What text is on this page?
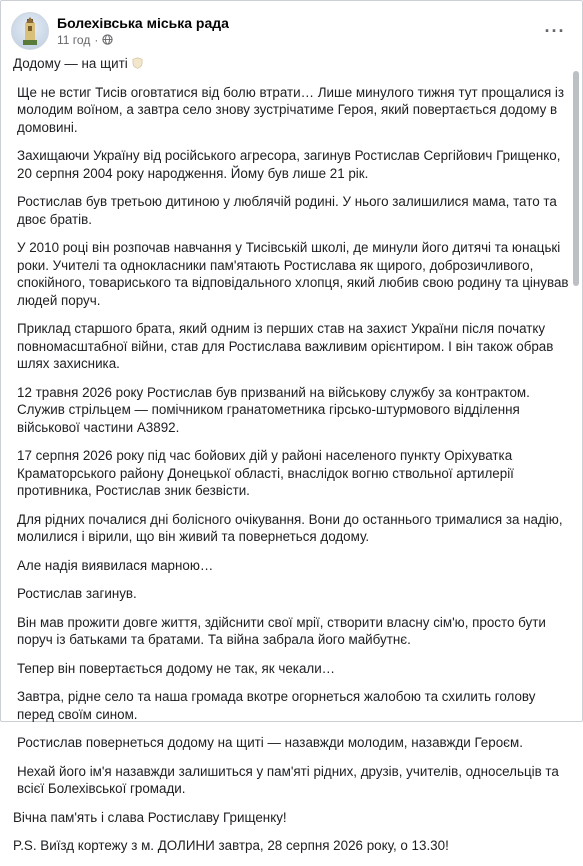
Болехівська міська рада
11 год ·	···

Додому — на щиті

Ще не встиг Тисів оговтатися від болю втрати… Лише минулого тижня тут прощалися із молодим воїном, а завтра село знову зустрічатиме Героя, який повертається додому в домовині.

Захищаючи Україну від російського агресора, загинув Ростислав Сергійович Грищенко, 20 серпня 2004 року народження. Йому був лише 21 рік.

Ростислав був третьою дитиною у люблячій родині. У нього залишилися мама, тато та двоє братів.

У 2010 році він розпочав навчання у Тисівській школі, де минули його дитячі та юнацькі роки. Учителі та однокласники пам'ятають Ростислава як щирого, доброзичливого, спокійного, товариського та відповідального хлопця, який любив свою родину та цінував людей поруч.

Приклад старшого брата, який одним із перших став на захист України після початку повномасштабної війни, став для Ростислава важливим орієнтиром. І він також обрав шлях захисника.

12 травня 2026 року Ростислав був призваний на військову службу за контрактом. Служив стрільцем — помічником гранатометника гірсько-штурмового відділення військової частини А3892.

17 серпня 2026 року під час бойових дій у районі населеного пункту Оріхуватка Краматорського району Донецької області, внаслідок вогню ствольної артилерії противника, Ростислав зник безвісти.

Для рідних почалися дні болісного очікування. Вони до останнього трималися за надію, молилися і вірили, що він живий та повернеться додому.

Але надія виявилася марною…

Ростислав загинув.

Він мав прожити довге життя, здійснити свої мрії, створити власну сім'ю, просто бути поруч із батьками та братами. Та війна забрала його майбутнє.

Тепер він повертається додому не так, як чекали…

Завтра, рідне село та наша громада вкотре огорнеться жалобою та схилить голову перед своїм сином.

Ростислав повернеться додому на щиті — назавжди молодим, назавжди Героєм.

Нехай його ім'я назавжди залишиться у пам'яті рідних, друзів, учителів, односельців та всієї Болехівської громади.

Вічна пам'ять і слава Ростиславу Грищенку!

P.S. Виїзд кортежу з м. ДОЛИНИ завтра, 28 серпня 2026 року, о 13.30!
